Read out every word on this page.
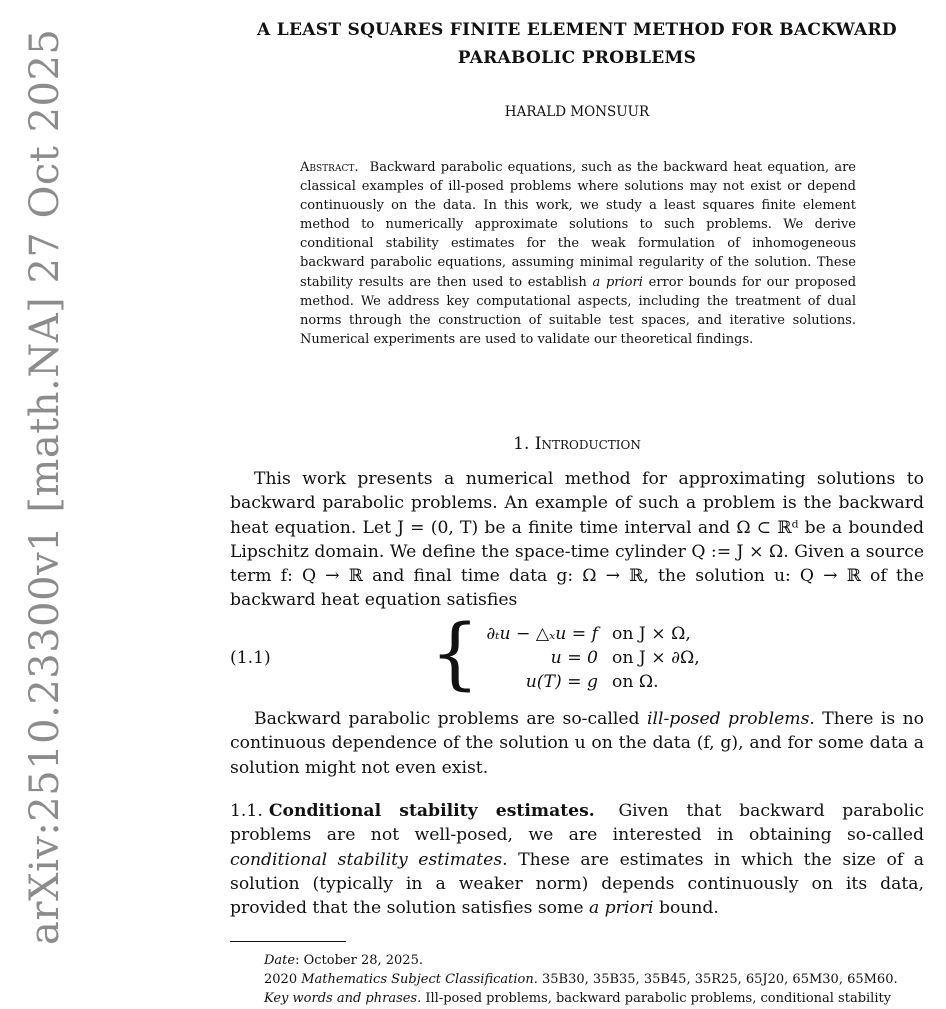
arXiv:2510.23300v1 [math.NA] 27 Oct 2025	A LEAST SQUARES FINITE ELEMENT METHOD FOR BACKWARD PARABOLIC PROBLEMS
HARALD MONSUUR
Abstract. Backward parabolic equations, such as the backward heat equation, are classical examples of ill-posed problems where solutions may not exist or depend continuously on the data. In this work, we study a least squares finite element method to numerically approximate solutions to such problems. We derive conditional stability estimates for the weak formulation of inhomogeneous backward parabolic equations, assuming minimal regularity of the solution. These stability results are then used to establish a priori error bounds for our proposed method. We address key computational aspects, including the treatment of dual norms through the construction of suitable test spaces, and iterative solutions. Numerical experiments are used to validate our theoretical findings.
1. Introduction
This work presents a numerical method for approximating solutions to backward parabolic problems. An example of such a problem is the backward heat equation. Let J = (0, T) be a finite time interval and Ω ⊂ ℝᵈ be a bounded Lipschitz domain. We define the space-time cylinder Q := J × Ω. Given a source term f: Q → ℝ and final time data g: Ω → ℝ, the solution u: Q → ℝ of the backward heat equation satisfies
(1.1) { ∂ₜu − △ₓu = f on J × Ω,
u = 0 on J × ∂Ω,
u(T) = g on Ω.
Backward parabolic problems are so-called ill-posed problems. There is no continuous dependence of the solution u on the data (f, g), and for some data a solution might not even exist.
1.1. Conditional stability estimates. Given that backward parabolic problems are not well-posed, we are interested in obtaining so-called conditional stability estimates. These are estimates in which the size of a solution (typically in a weaker norm) depends continuously on its data, provided that the solution satisfies some a priori bound.
Date: October 28, 2025.
2020 Mathematics Subject Classification. 35B30, 35B35, 35B45, 35R25, 65J20, 65M30, 65M60.
Key words and phrases. Ill-posed problems, backward parabolic problems, conditional stability
